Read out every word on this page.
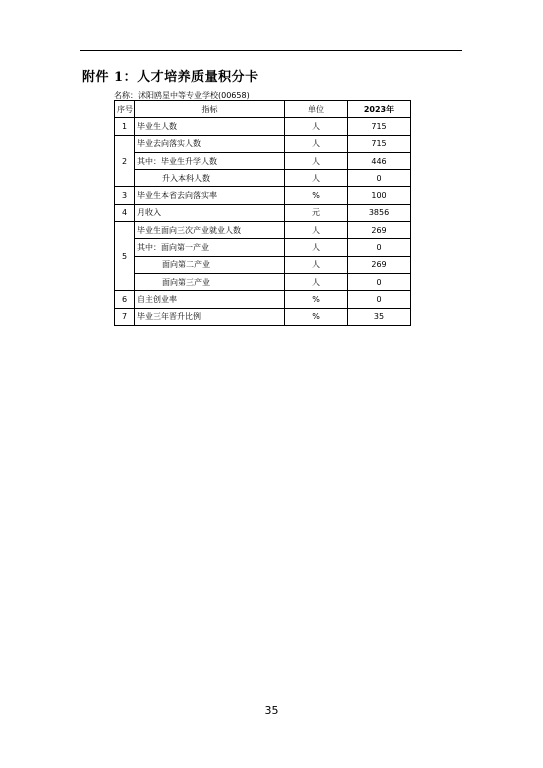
附件 1：人才培养质量积分卡
名称：沭阳鸥星中等专业学校(00658)
序号	指标	单位	2023年
1	毕业生人数	人	715
2	毕业去向落实人数	人	715
	其中：毕业生升学人数	人	446
	升入本科人数	人	0
3	毕业生本省去向落实率	%	100
4	月收入	元	3856
5	毕业生面向三次产业就业人数	人	269
	其中：面向第一产业	人	0
	面向第二产业	人	269
	面向第三产业	人	0
6	自主创业率	%	0
7	毕业三年晋升比例	%	35
35
